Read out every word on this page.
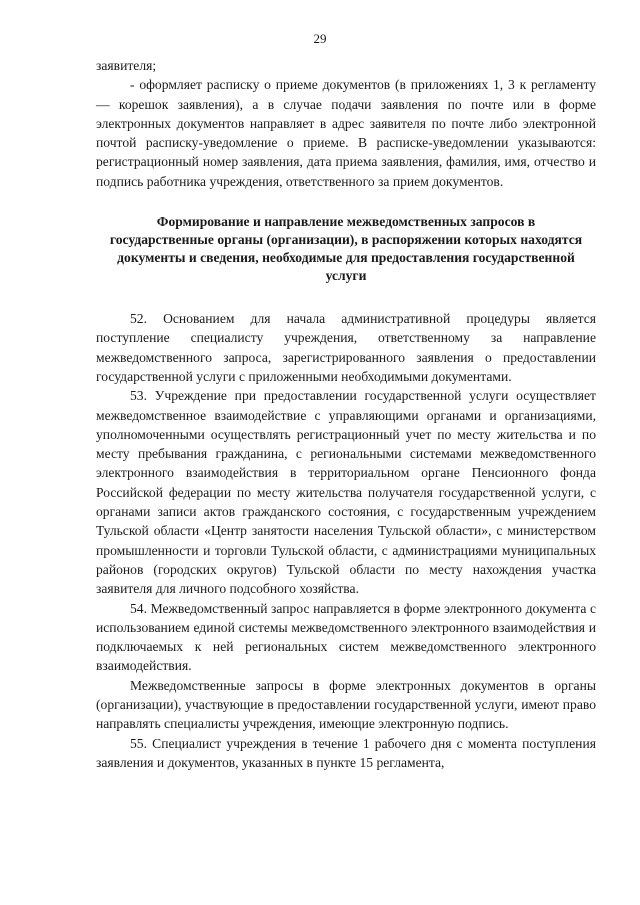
29

заявителя;

- оформляет расписку о приеме документов (в приложениях 1, 3 к регламенту — корешок заявления), а в случае подачи заявления по почте или в форме электронных документов направляет в адрес заявителя по почте либо электронной почтой расписку-уведомление о приеме. В расписке-уведомлении указываются: регистрационный номер заявления, дата приема заявления, фамилия, имя, отчество и подпись работника учреждения, ответственного за прием документов.

Формирование и направление межведомственных запросов в государственные органы (организации), в распоряжении которых находятся документы и сведения, необходимые для предоставления государственной услуги

52. Основанием для начала административной процедуры является поступление специалисту учреждения, ответственному за направление межведомственного запроса, зарегистрированного заявления о предоставлении государственной услуги с приложенными необходимыми документами.

53. Учреждение при предоставлении государственной услуги осуществляет межведомственное взаимодействие с управляющими органами и организациями, уполномоченными осуществлять регистрационный учет по месту жительства и по месту пребывания гражданина, с региональными системами межведомственного электронного взаимодействия в территориальном органе Пенсионного фонда Российской федерации по месту жительства получателя государственной услуги, с органами записи актов гражданского состояния, с государственным учреждением Тульской области «Центр занятости населения Тульской области», с министерством промышленности и торговли Тульской области, с администрациями муниципальных районов (городских округов) Тульской области по месту нахождения участка заявителя для личного подсобного хозяйства.

54. Межведомственный запрос направляется в форме электронного документа с использованием единой системы межведомственного электронного взаимодействия и подключаемых к ней региональных систем межведомственного электронного взаимодействия.

Межведомственные запросы в форме электронных документов в органы (организации), участвующие в предоставлении государственной услуги, имеют право направлять специалисты учреждения, имеющие электронную подпись.

55. Специалист учреждения в течение 1 рабочего дня с момента поступления заявления и документов, указанных в пункте 15 регламента,
